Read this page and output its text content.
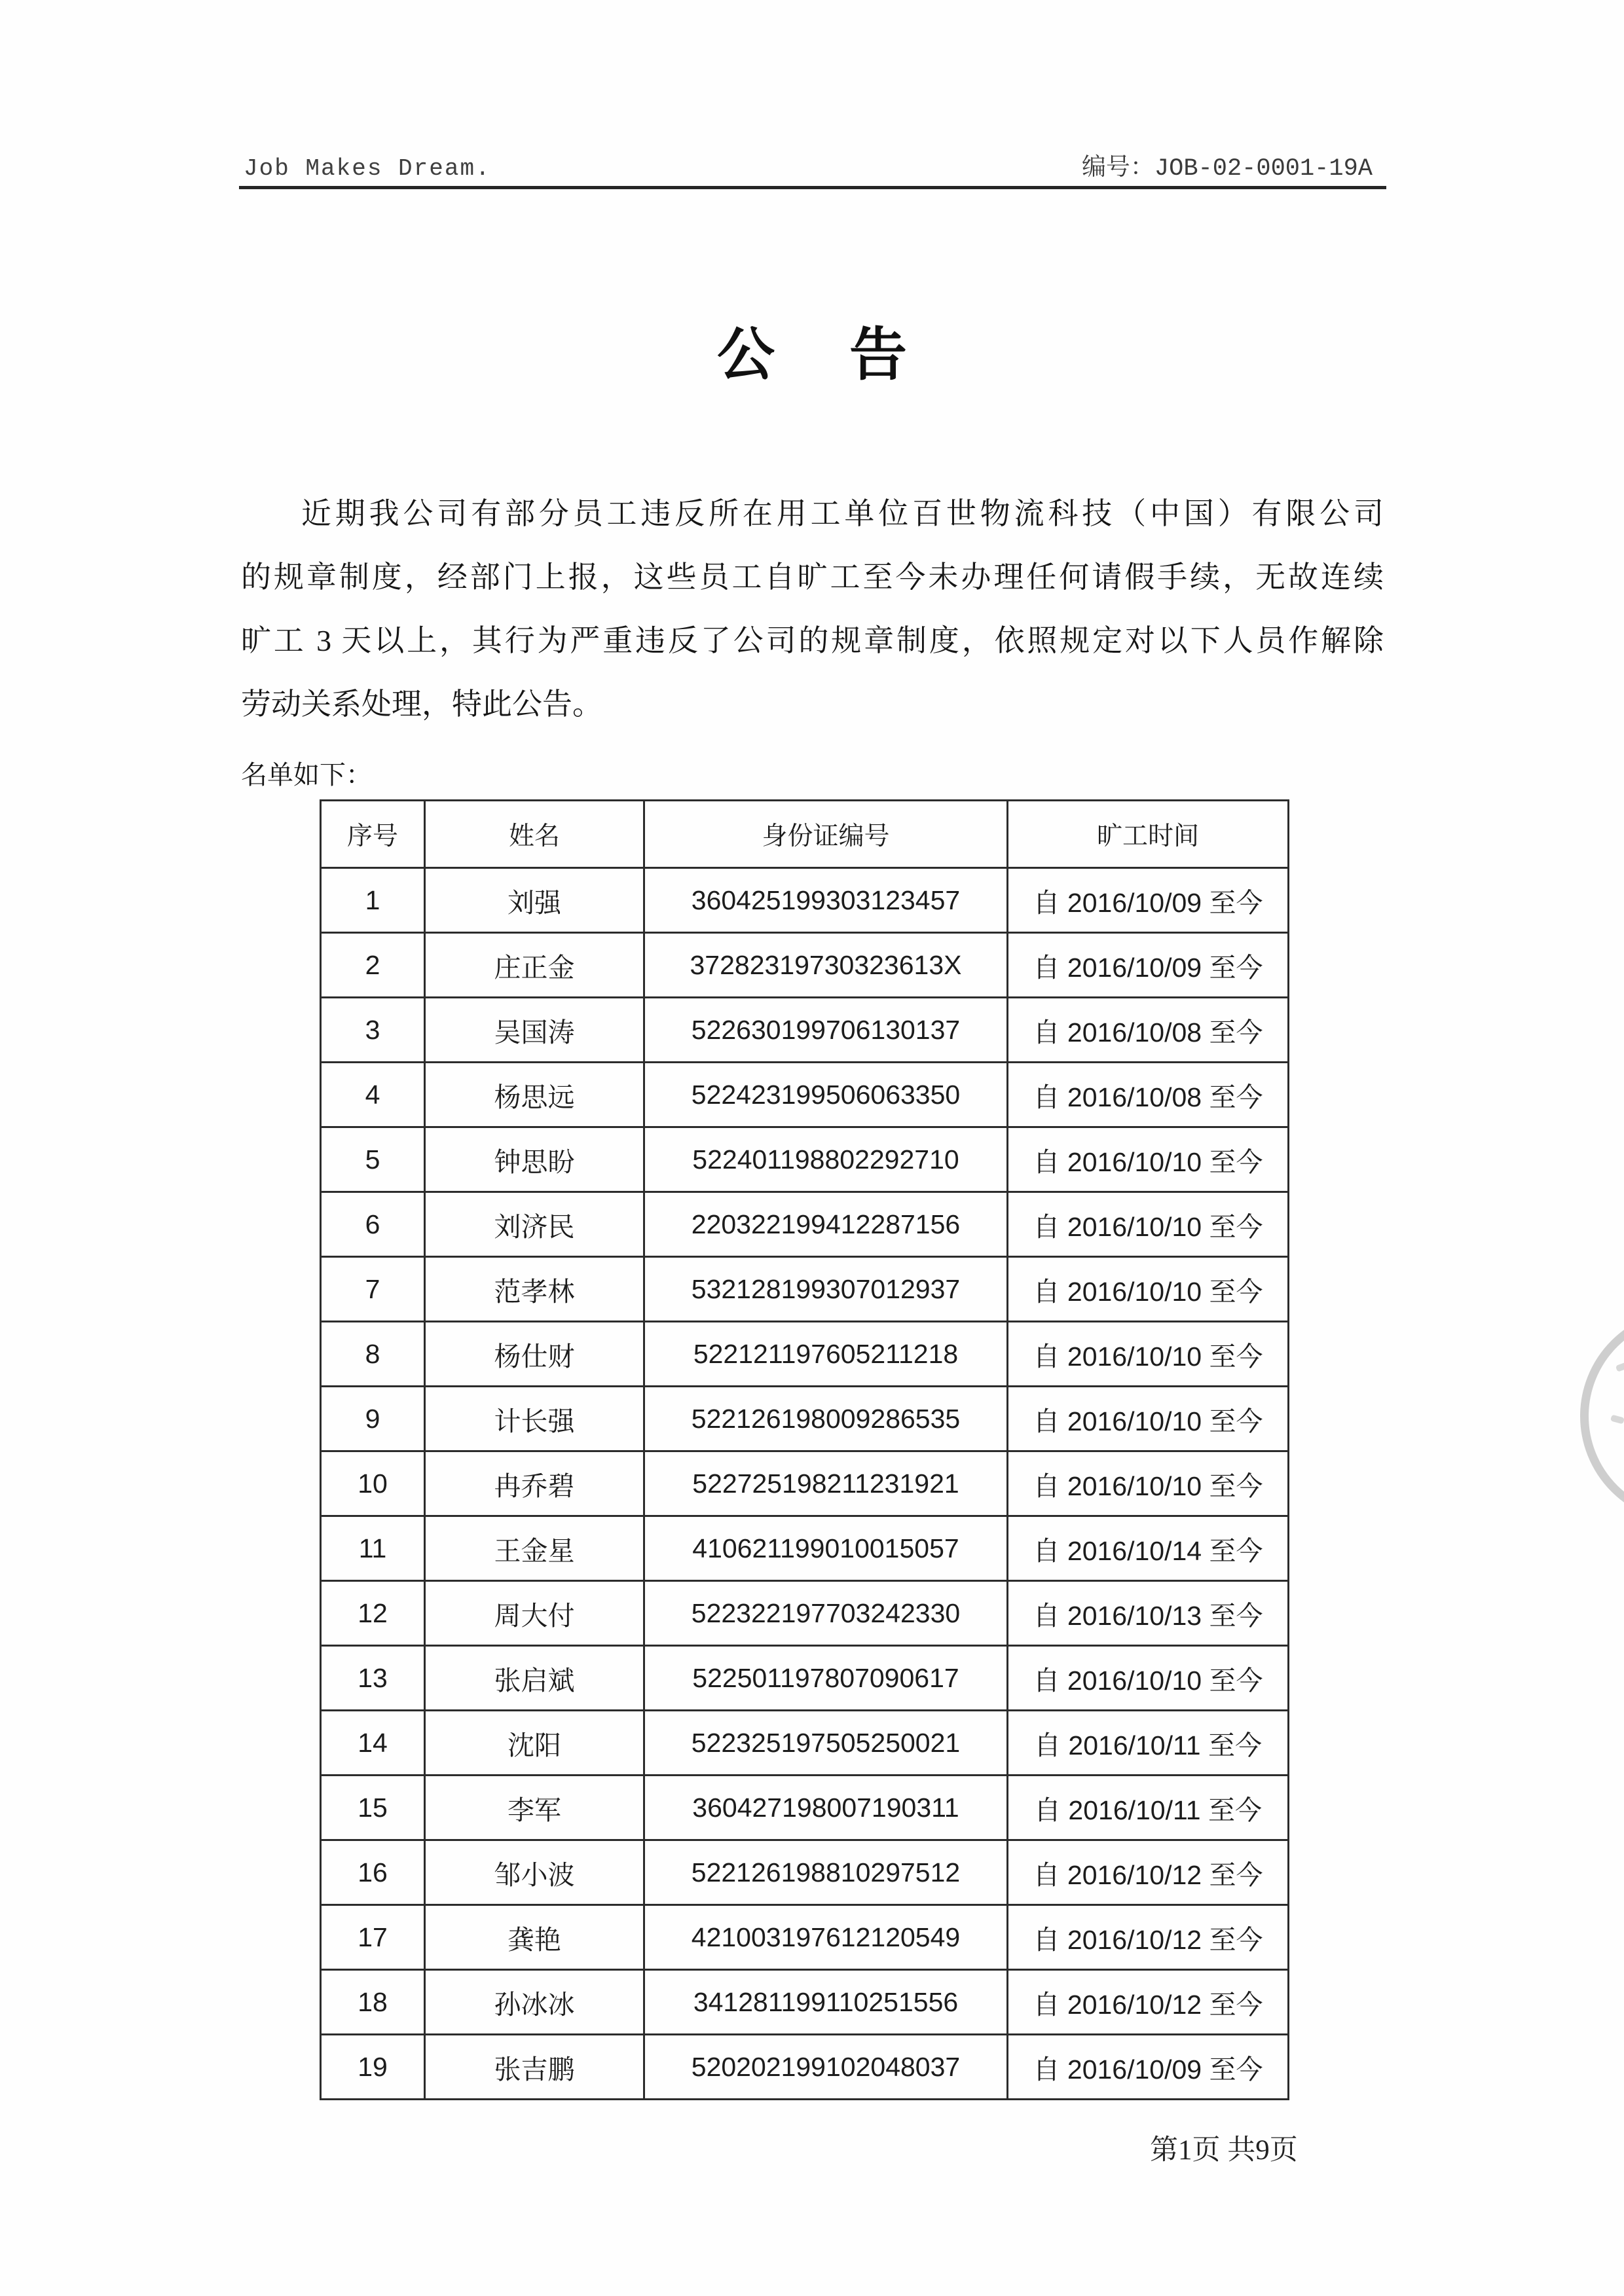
Job Makes Dream.	编号：JOB-02-0001-19A
公 告
近期我公司有部分员工违反所在用工单位百世物流科技（中国）有限公司
的规章制度，经部门上报，这些员工自旷工至今未办理任何请假手续，无故连续
旷工 3 天以上，其行为严重违反了公司的规章制度，依照规定对以下人员作解除
劳动关系处理，特此公告。
名单如下：
序号	姓名	身份证编号	旷工时间
1	刘强	360425199303123457	自 2016/10/09 至今
2	庄正金	37282319730323613X	自 2016/10/09 至今
3	吴国涛	522630199706130137	自 2016/10/08 至今
4	杨思远	522423199506063350	自 2016/10/08 至今
5	钟思盼	522401198802292710	自 2016/10/10 至今
6	刘济民	220322199412287156	自 2016/10/10 至今
7	范孝林	532128199307012937	自 2016/10/10 至今
8	杨仕财	522121197605211218	自 2016/10/10 至今
9	计长强	522126198009286535	自 2016/10/10 至今
10	冉乔碧	522725198211231921	自 2016/10/10 至今
11	王金星	410621199010015057	自 2016/10/14 至今
12	周大付	522322197703242330	自 2016/10/13 至今
13	张启斌	522501197807090617	自 2016/10/10 至今
14	沈阳	522325197505250021	自 2016/10/11 至今
15	李军	360427198007190311	自 2016/10/11 至今
16	邹小波	522126198810297512	自 2016/10/12 至今
17	龚艳	421003197612120549	自 2016/10/12 至今
18	孙冰冰	341281199110251556	自 2016/10/12 至今
19	张吉鹏	520202199102048037	自 2016/10/09 至今
第1页 共9页
